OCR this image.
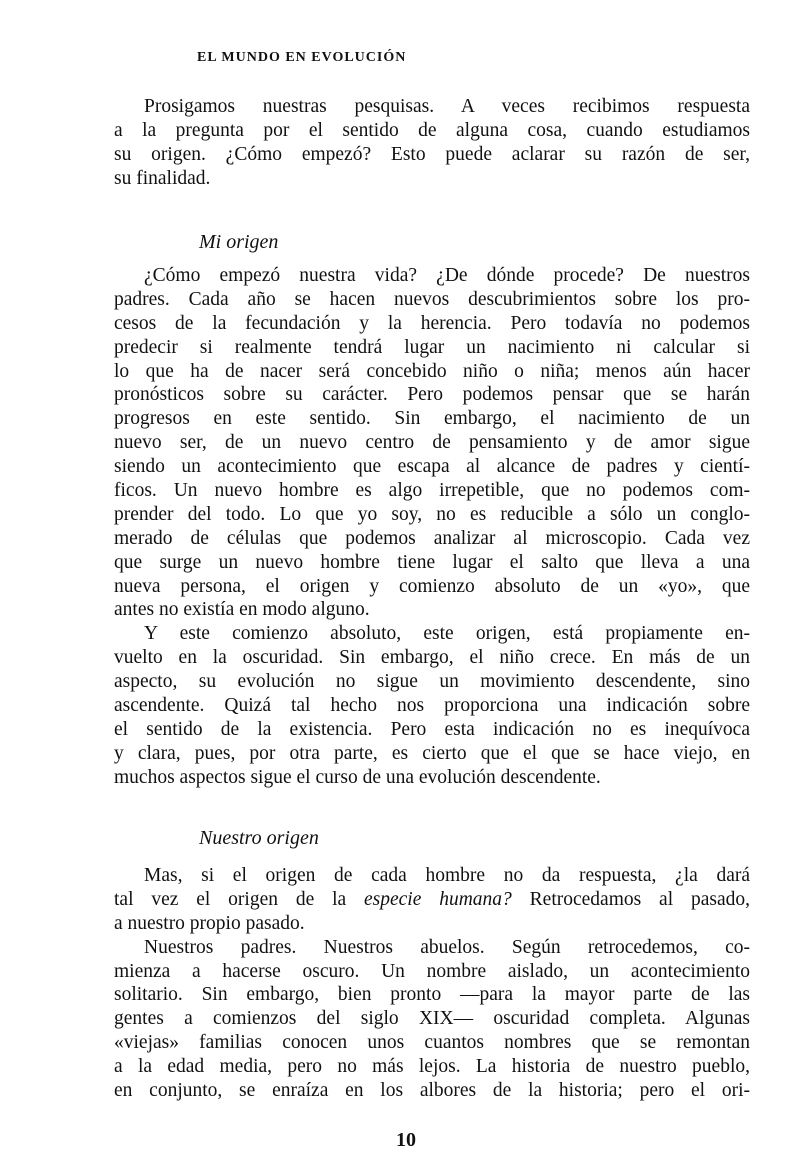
EL MUNDO EN EVOLUCIÓN

Prosigamos nuestras pesquisas. A veces recibimos respuesta
a la pregunta por el sentido de alguna cosa, cuando estudiamos
su origen. ¿Cómo empezó? Esto puede aclarar su razón de ser,
su finalidad.

Mi origen

¿Cómo empezó nuestra vida? ¿De dónde procede? De nuestros
padres. Cada año se hacen nuevos descubrimientos sobre los pro-
cesos de la fecundación y la herencia. Pero todavía no podemos
predecir si realmente tendrá lugar un nacimiento ni calcular si
lo que ha de nacer será concebido niño o niña; menos aún hacer
pronósticos sobre su carácter. Pero podemos pensar que se harán
progresos en este sentido. Sin embargo, el nacimiento de un
nuevo ser, de un nuevo centro de pensamiento y de amor sigue
siendo un acontecimiento que escapa al alcance de padres y cientí-
ficos. Un nuevo hombre es algo irrepetible, que no podemos com-
prender del todo. Lo que yo soy, no es reducible a sólo un conglo-
merado de células que podemos analizar al microscopio. Cada vez
que surge un nuevo hombre tiene lugar el salto que lleva a una
nueva persona, el origen y comienzo absoluto de un «yo», que
antes no existía en modo alguno.
Y este comienzo absoluto, este origen, está propiamente en-
vuelto en la oscuridad. Sin embargo, el niño crece. En más de un
aspecto, su evolución no sigue un movimiento descendente, sino
ascendente. Quizá tal hecho nos proporciona una indicación sobre
el sentido de la existencia. Pero esta indicación no es inequívoca
y clara, pues, por otra parte, es cierto que el que se hace viejo, en
muchos aspectos sigue el curso de una evolución descendente.

Nuestro origen

Mas, si el origen de cada hombre no da respuesta, ¿la dará
tal vez el origen de la especie humana? Retrocedamos al pasado,
a nuestro propio pasado.
Nuestros padres. Nuestros abuelos. Según retrocedemos, co-
mienza a hacerse oscuro. Un nombre aislado, un acontecimiento
solitario. Sin embargo, bien pronto —para la mayor parte de las
gentes a comienzos del siglo XIX— oscuridad completa. Algunas
«viejas» familias conocen unos cuantos nombres que se remontan
a la edad media, pero no más lejos. La historia de nuestro pueblo,
en conjunto, se enraíza en los albores de la historia; pero el ori-

10
